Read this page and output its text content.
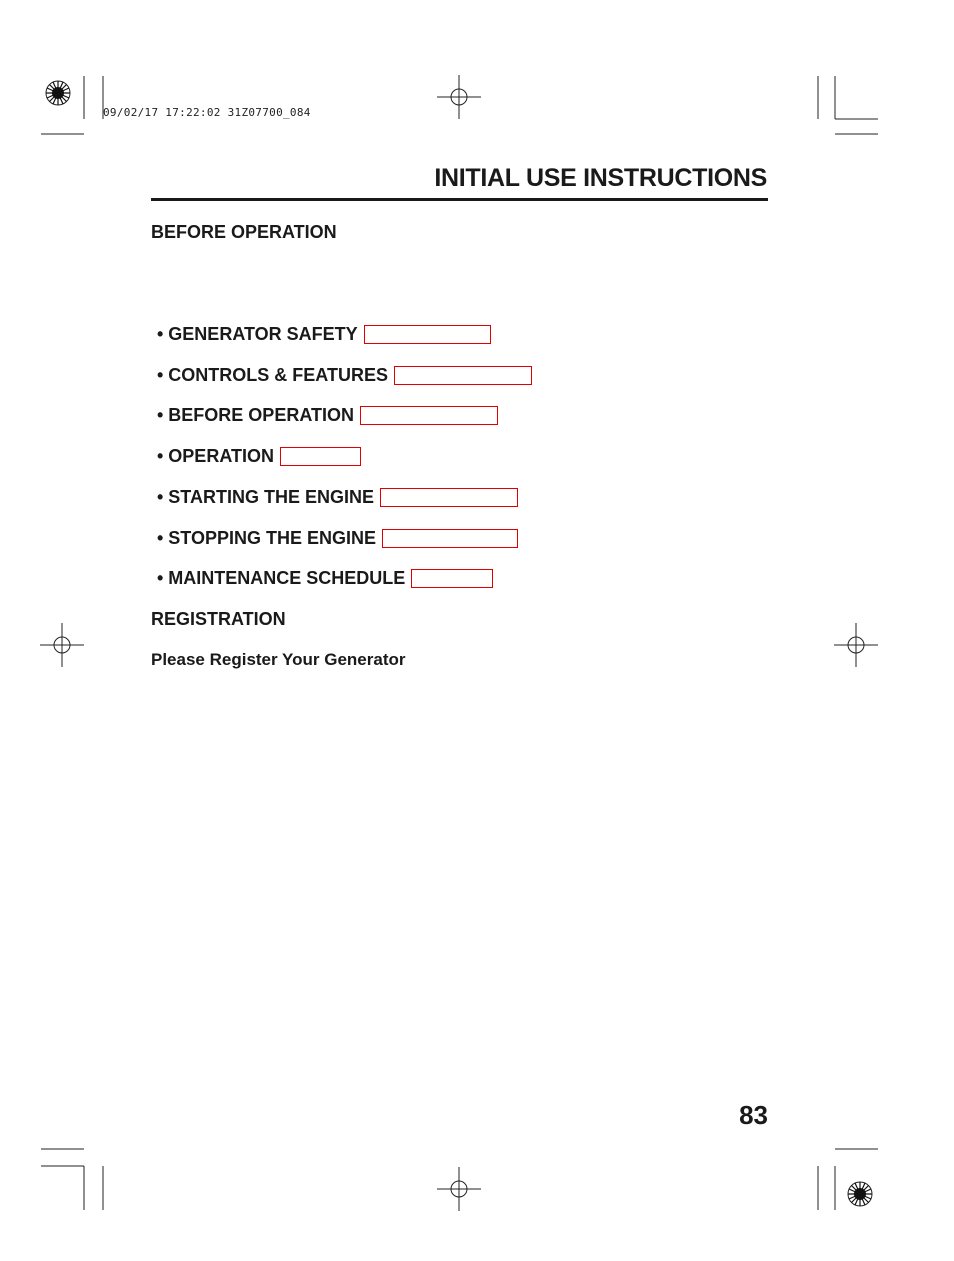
09/02/17 17:22:02 31Z07700_084
INITIAL USE INSTRUCTIONS
BEFORE OPERATION
• GENERATOR SAFETY
• CONTROLS & FEATURES
• BEFORE OPERATION
• OPERATION
• STARTING THE ENGINE
• STOPPING THE ENGINE
• MAINTENANCE SCHEDULE
REGISTRATION
Please Register Your Generator
83
